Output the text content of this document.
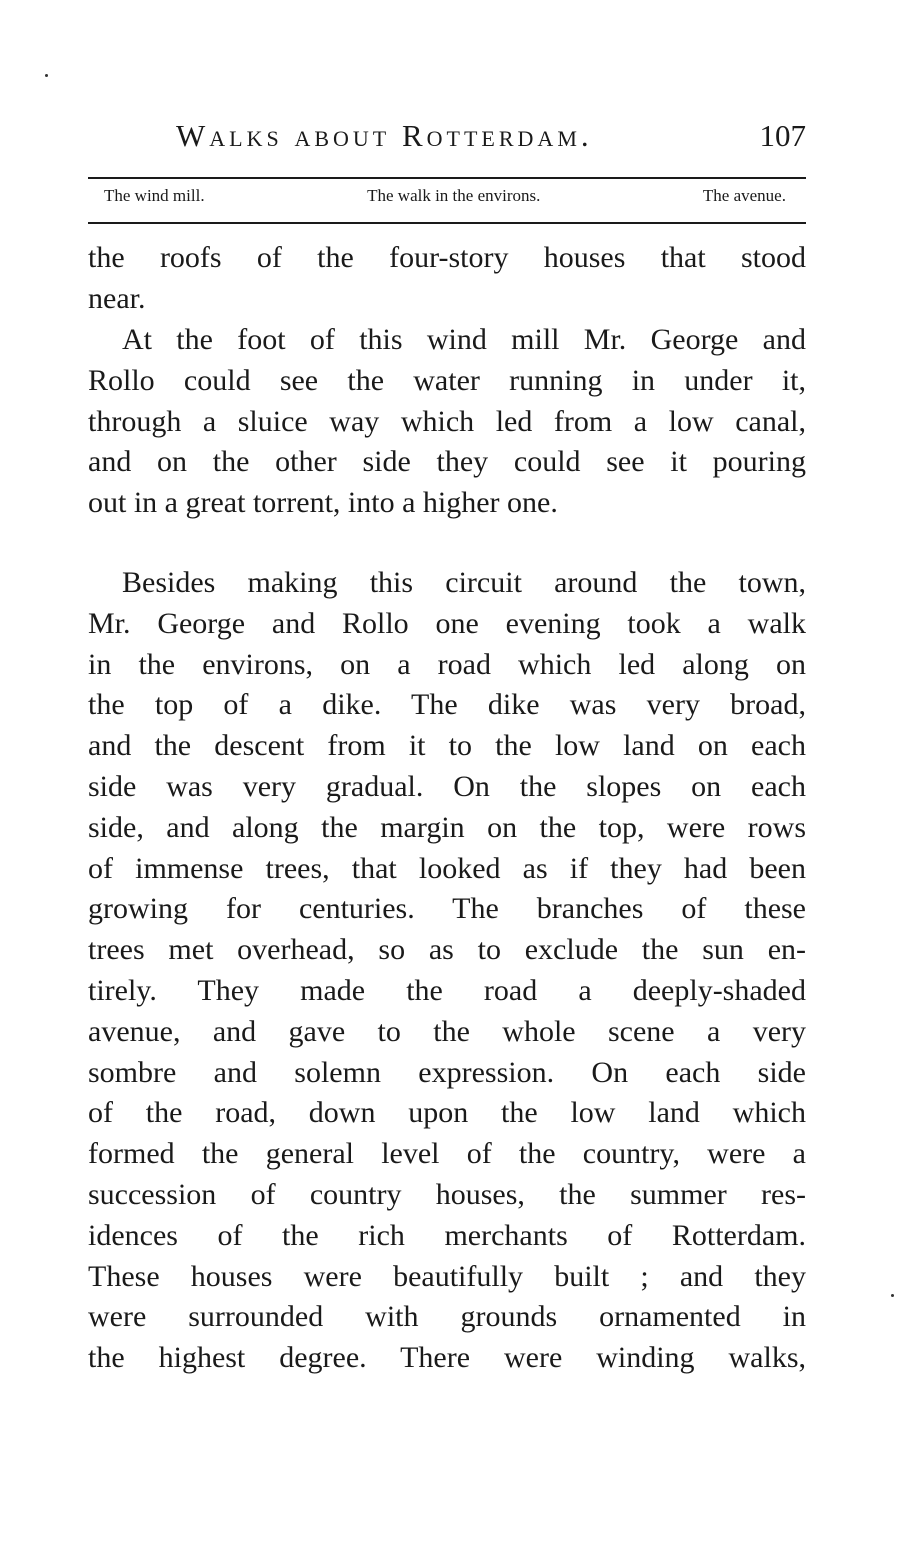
Walks about Rotterdam.	107
The wind mill.	The walk in the environs.	The avenue.
the roofs of the four-story houses that stood
near.
At the foot of this wind mill Mr. George and
Rollo could see the water running in under it,
through a sluice way which led from a low canal,
and on the other side they could see it pouring
out in a great torrent, into a higher one.
Besides making this circuit around the town,
Mr. George and Rollo one evening took a walk
in the environs, on a road which led along on
the top of a dike. The dike was very broad,
and the descent from it to the low land on each
side was very gradual. On the slopes on each
side, and along the margin on the top, were rows
of immense trees, that looked as if they had been
growing for centuries. The branches of these
trees met overhead, so as to exclude the sun en-
tirely. They made the road a deeply-shaded
avenue, and gave to the whole scene a very
sombre and solemn expression. On each side
of the road, down upon the low land which
formed the general level of the country, were a
succession of country houses, the summer res-
idences of the rich merchants of Rotterdam.
These houses were beautifully built ; and they
were surrounded with grounds ornamented in
the highest degree. There were winding walks,
